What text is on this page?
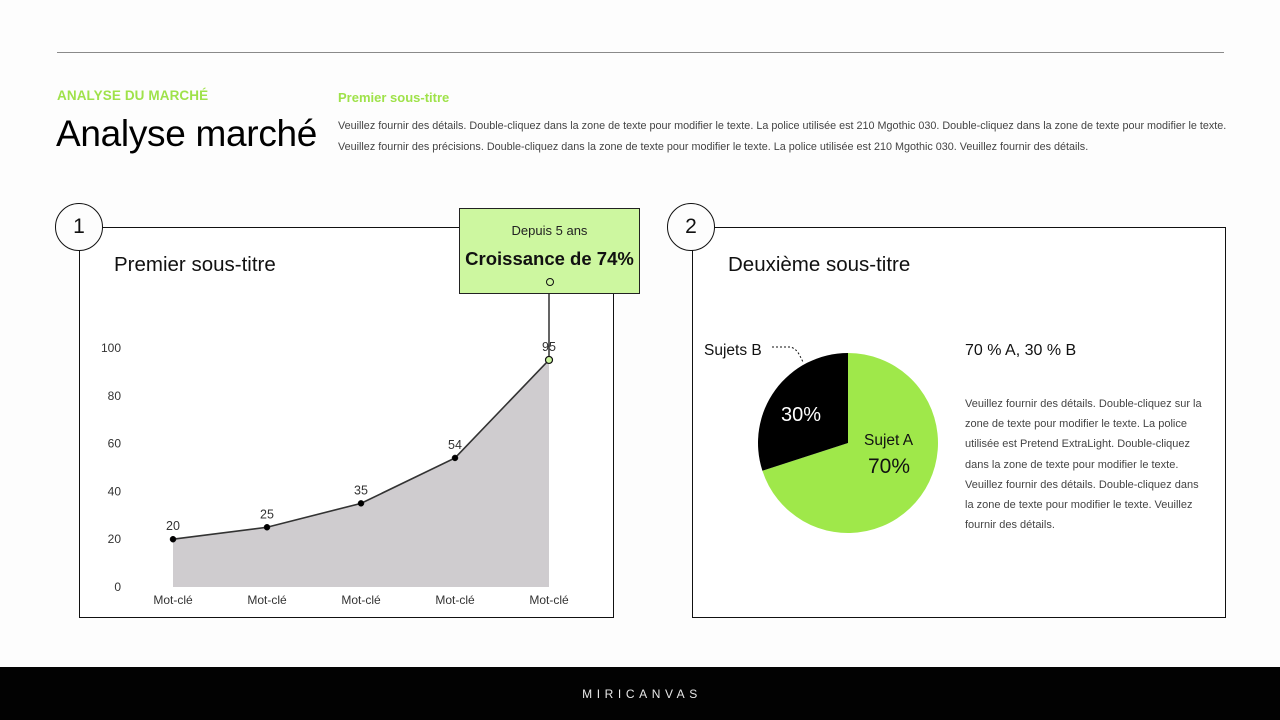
ANALYSE DU MARCHÉ
Analyse marché
Premier sous-titre

Veuillez fournir des détails. Double-cliquez dans la zone de texte pour modifier le texte. La police utilisée est 210 Mgothic 030. Double-cliquez dans la zone de texte pour modifier le texte. Veuillez fournir des précisions. Double-cliquez dans la zone de texte pour modifier le texte. La police utilisée est 210 Mgothic 030. Veuillez fournir des détails.

1
Premier sous-titre
0
20
40
60
80
100
Mot-clé	Mot-clé	Mot-clé	Mot-clé	Mot-clé
20
25
35
54
95
Depuis 5 ans
Croissance de 74%
2
Deuxième sous-titre
Sujets B
30%
Sujet A
70%
70 % A, 30 % B

Veuillez fournir des détails. Double-cliquez sur la zone de texte pour modifier le texte. La police utilisée est Pretend ExtraLight. Double-cliquez dans la zone de texte pour modifier le texte. Veuillez fournir des détails. Double-cliquez dans la zone de texte pour modifier le texte. Veuillez fournir des détails.

MIRICANVAS
